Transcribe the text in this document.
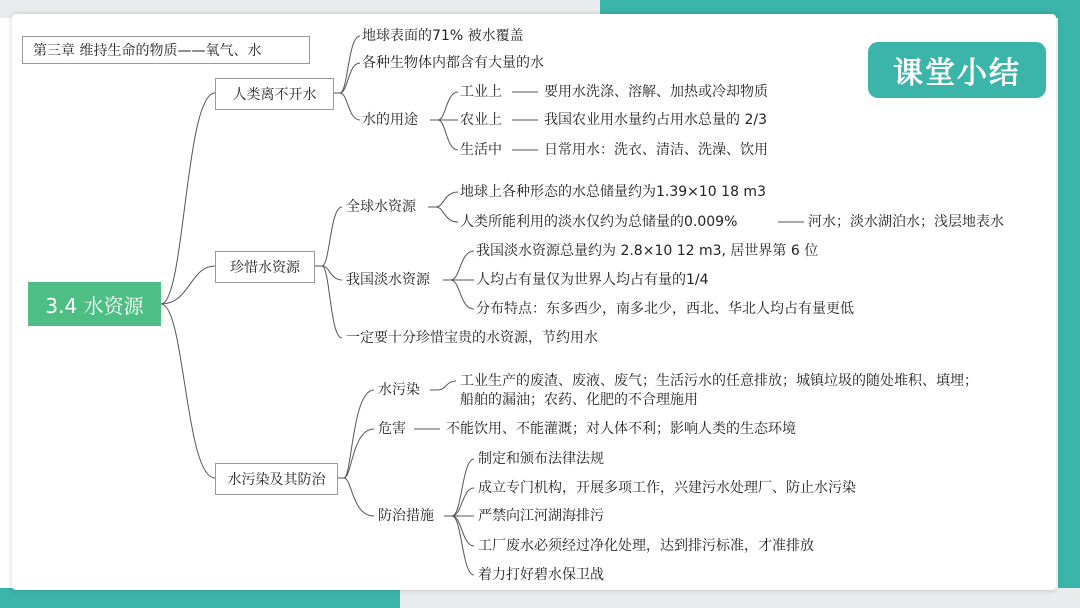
第三章 维持生命的物质——氧气、水
课堂小结
3.4 水资源
人类离不开水
地球表面的71% 被水覆盖
各种生物体内都含有大量的水
水的用途
工业上	要用水洗涤、溶解、加热或冷却物质
农业上	我国农业用水量约占用水总量的 2/3
生活中	日常用水：洗衣、清洁、洗澡、饮用
珍惜水资源
全球水资源
地球上各种形态的水总储量约为1.39×10 18 m3
人类所能利用的淡水仅约为总储量的0.009%	河水；淡水湖泊水；浅层地表水
我国淡水资源
我国淡水资源总量约为 2.8×10 12 m3, 居世界第 6 位
人均占有量仅为世界人均占有量的1/4
分布特点：东多西少，南多北少，西北、华北人均占有量更低
一定要十分珍惜宝贵的水资源，节约用水
水污染及其防治
水污染
工业生产的废渣、废液、废气；生活污水的任意排放；城镇垃圾的随处堆积、填埋；
船舶的漏油；农药、化肥的不合理施用
危害	不能饮用、不能灌溉；对人体不利；影响人类的生态环境
防治措施
制定和颁布法律法规
成立专门机构，开展多项工作，兴建污水处理厂、防止水污染
严禁向江河湖海排污
工厂废水必须经过净化处理，达到排污标准，才准排放
着力打好碧水保卫战
